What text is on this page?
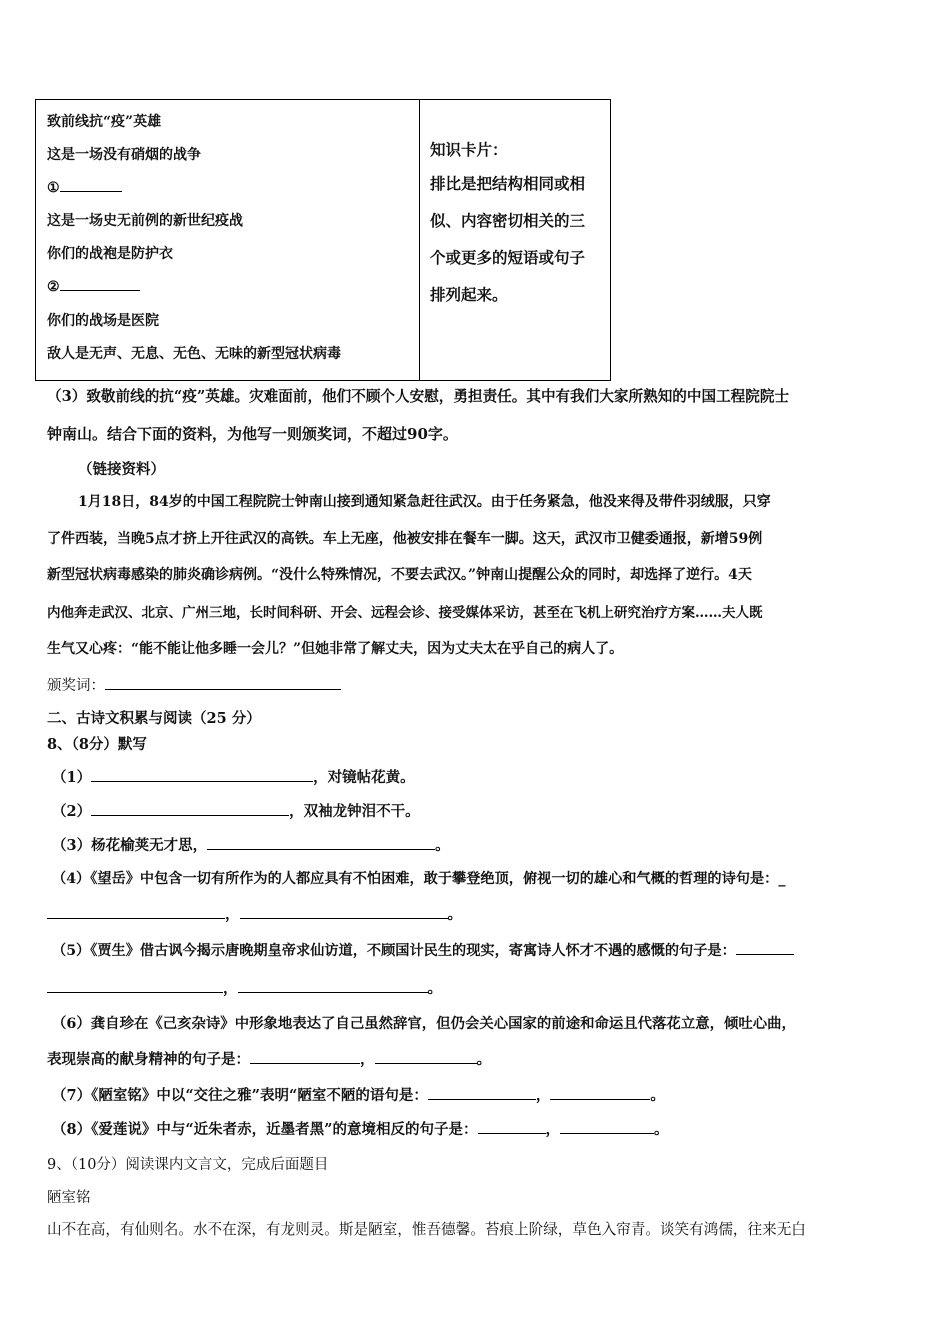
致前线抗“疫”英雄
这是一场没有硝烟的战争
①
这是一场史无前例的新世纪疫战
你们的战袍是防护衣
②
你们的战场是医院
敌人是无声、无息、无色、无味的新型冠状病毒
知识卡片：
排比是把结构相同或相
似、内容密切相关的三
个或更多的短语或句子
排列起来。
（3）致敬前线的抗“疫”英雄。灾难面前，他们不顾个人安慰，勇担责任。其中有我们大家所熟知的中国工程院院士
钟南山。结合下面的资料，为他写一则颁奖词，不超过90字。
（链接资料）
1月18日，84岁的中国工程院院士钟南山接到通知紧急赶往武汉。由于任务紧急，他没来得及带件羽绒服，只穿
了件西装，当晚5点才挤上开往武汉的高铁。车上无座，他被安排在餐车一脚。这天，武汉市卫健委通报，新增59例
新型冠状病毒感染的肺炎确诊病例。“没什么特殊情况，不要去武汉。”钟南山提醒公众的同时，却选择了逆行。4天
内他奔走武汉、北京、广州三地，长时间科研、开会、远程会诊、接受媒体采访，甚至在飞机上研究治疗方案……夫人既
生气又心疼：“能不能让他多睡一会儿？”但她非常了解丈夫，因为丈夫太在乎自己的病人了。
颁奖词：
二、古诗文积累与阅读（25 分）
8、（8分）默写
（1）	，对镜帖花黄。
（2）	，双袖龙钟泪不干。
（3）杨花榆荚无才思，	。
（4）《望岳》中包含一切有所作为的人都应具有不怕困难，敢于攀登绝顶，俯视一切的雄心和气概的哲理的诗句是：_
，	。
（5）《贾生》借古讽今揭示唐晚期皇帝求仙访道，不顾国计民生的现实，寄寓诗人怀才不遇的感慨的句子是：
，	。
（6）龚自珍在《己亥杂诗》中形象地表达了自己虽然辞官，但仍会关心国家的前途和命运且代落花立意，倾吐心曲，
表现崇高的献身精神的句子是：	，	。
（7）《陋室铭》中以“交往之雅”表明“陋室不陋的语句是：	，	。
（8）《爱莲说》中与“近朱者赤，近墨者黑”的意境相反的句子是：	，	。
9、（10分）阅读课内文言文，完成后面题目
陋室铭
山不在高，有仙则名。水不在深，有龙则灵。斯是陋室，惟吾德馨。苔痕上阶绿，草色入帘青。谈笑有鸿儒，往来无白
